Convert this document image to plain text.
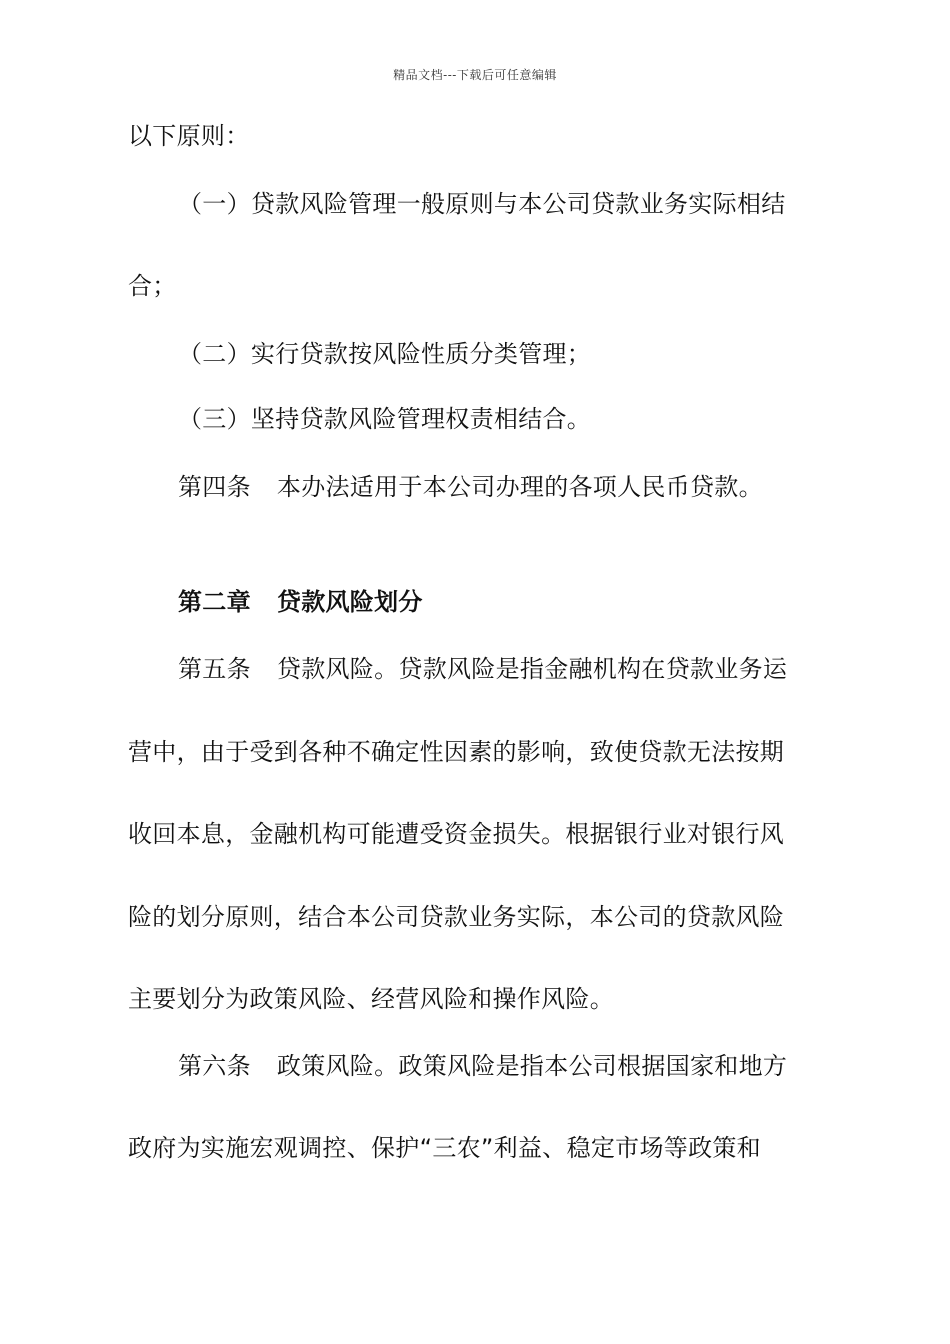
精品文档---下载后可任意编辑
以下原则：
（一）贷款风险管理一般原则与本公司贷款业务实际相结
合；
（二）实行贷款按风险性质分类管理；
（三）坚持贷款风险管理权责相结合。
第四条 本办法适用于本公司办理的各项人民币贷款。
第二章 贷款风险划分
第五条 贷款风险。贷款风险是指金融机构在贷款业务运
营中，由于受到各种不确定性因素的影响，致使贷款无法按期
收回本息，金融机构可能遭受资金损失。根据银行业对银行风
险的划分原则，结合本公司贷款业务实际，本公司的贷款风险
主要划分为政策风险、经营风险和操作风险。
第六条 政策风险。政策风险是指本公司根据国家和地方
政府为实施宏观调控、保护“三农”利益、稳定市场等政策和
